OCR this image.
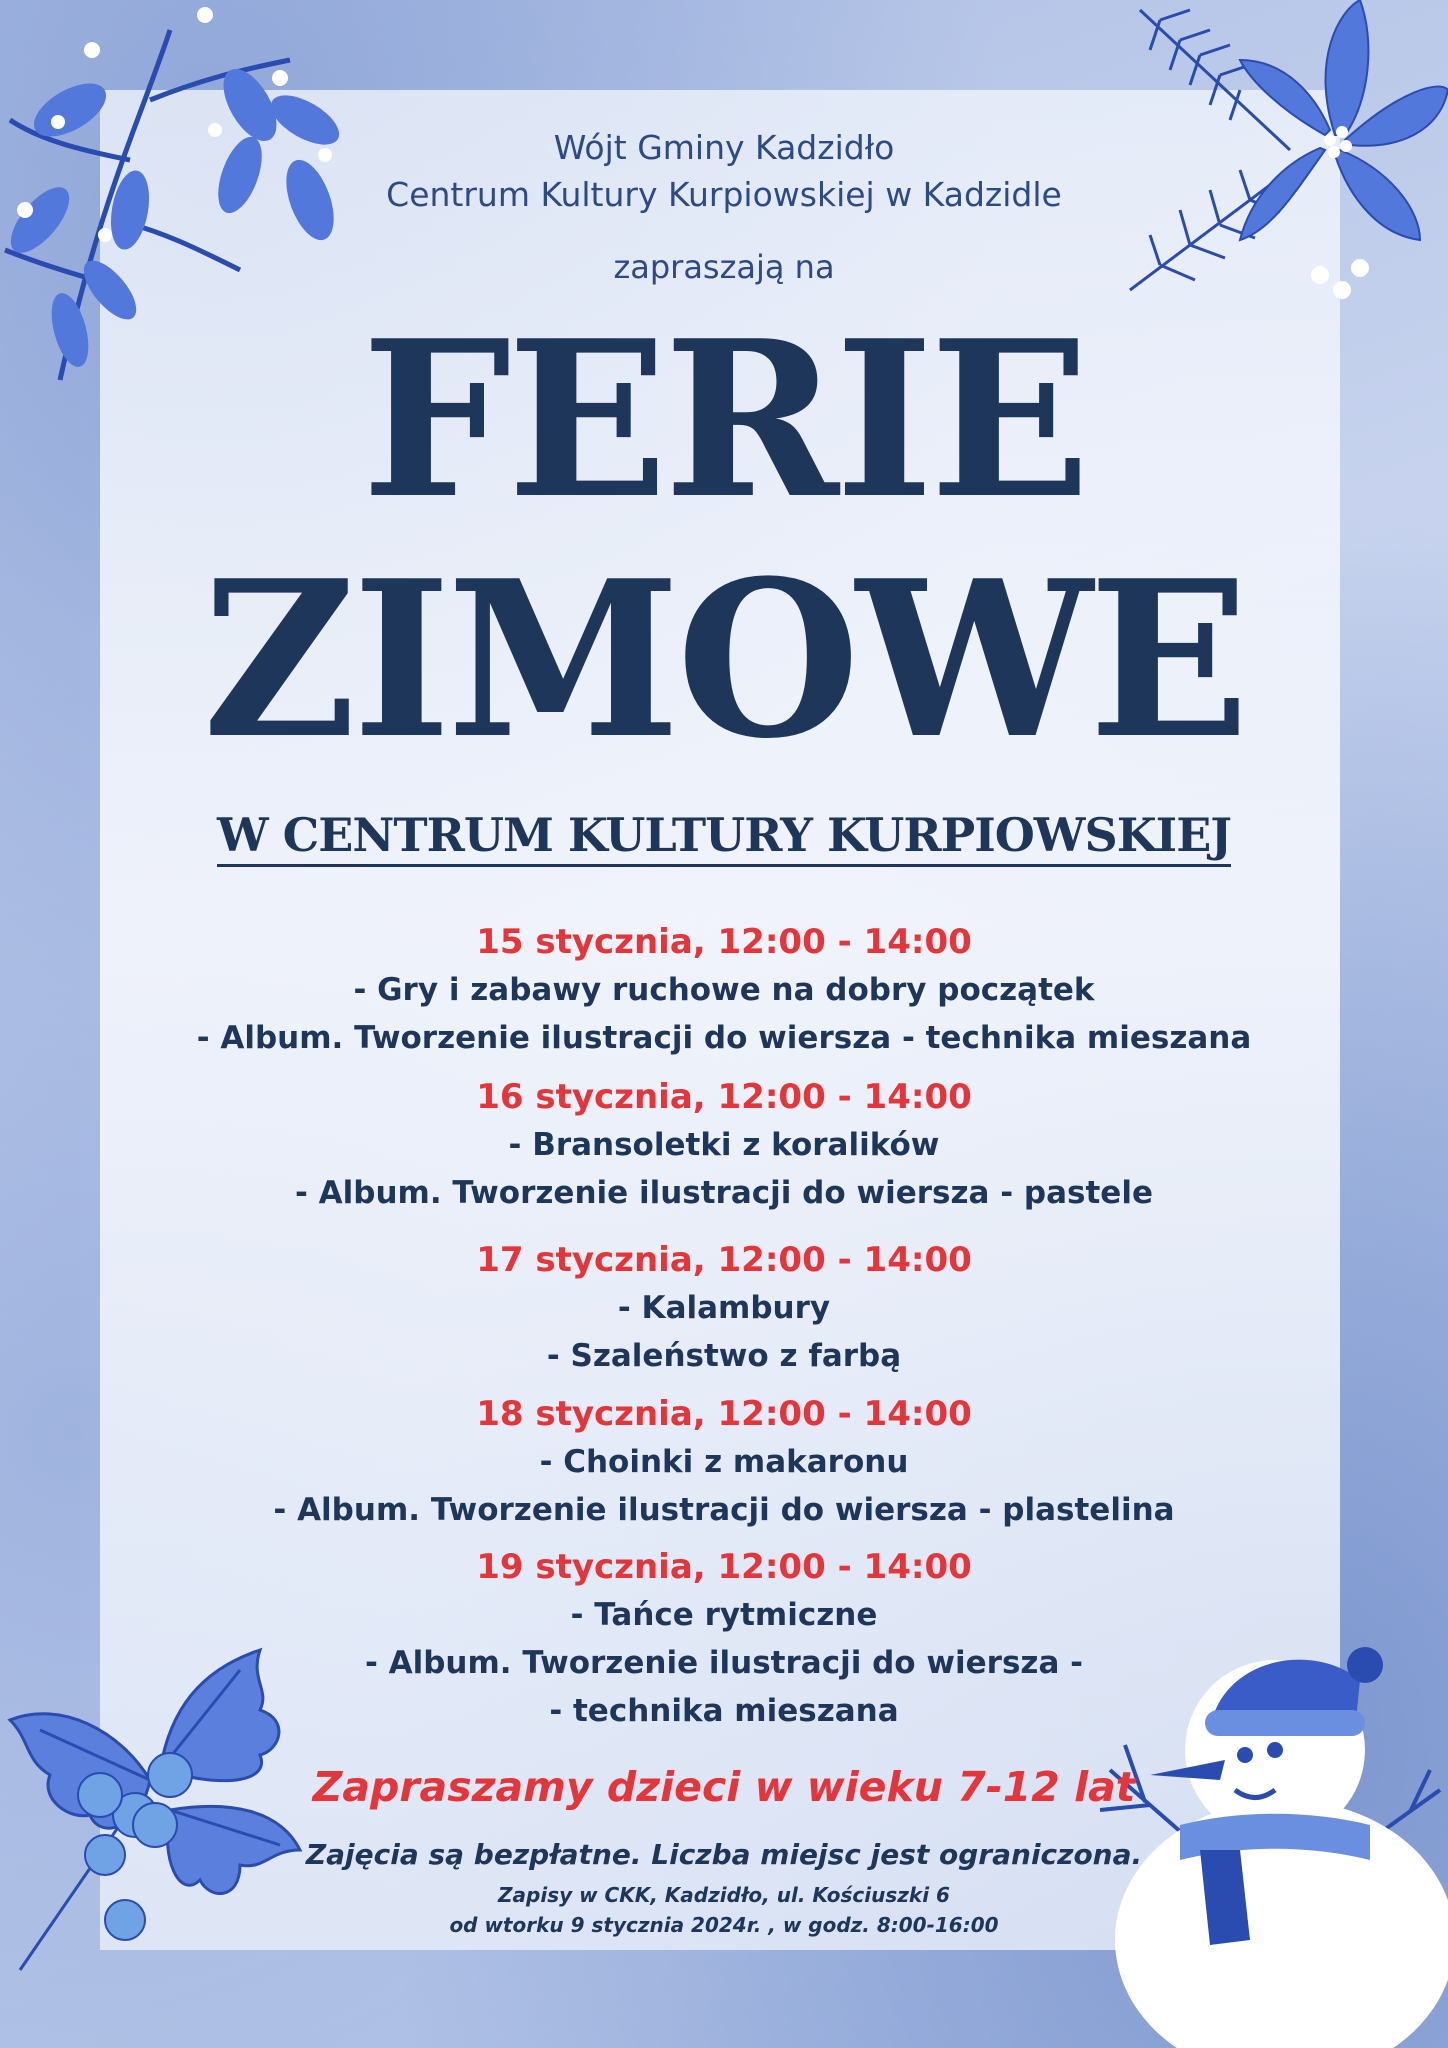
Wójt Gminy Kadzidło
Centrum Kultury Kurpiowskiej w Kadzidle
zapraszają na
FERIE
ZIMOWE
W CENTRUM KULTURY KURPIOWSKIEJ
15 stycznia, 12:00 - 14:00
- Gry i zabawy ruchowe na dobry początek
- Album. Tworzenie ilustracji do wiersza - technika mieszana
16 stycznia, 12:00 - 14:00
- Bransoletki z koralików
- Album. Tworzenie ilustracji do wiersza - pastele
17 stycznia, 12:00 - 14:00
- Kalambury
- Szaleństwo z farbą
18 stycznia, 12:00 - 14:00
- Choinki z makaronu
- Album. Tworzenie ilustracji do wiersza - plastelina
19 stycznia, 12:00 - 14:00
- Tańce rytmiczne
- Album. Tworzenie ilustracji do wiersza -
- technika mieszana
Zapraszamy dzieci w wieku 7-12 lat
Zajęcia są bezpłatne. Liczba miejsc jest ograniczona.
Zapisy w CKK, Kadzidło, ul. Kościuszki 6
od wtorku 9 stycznia 2024r. , w godz. 8:00-16:00
